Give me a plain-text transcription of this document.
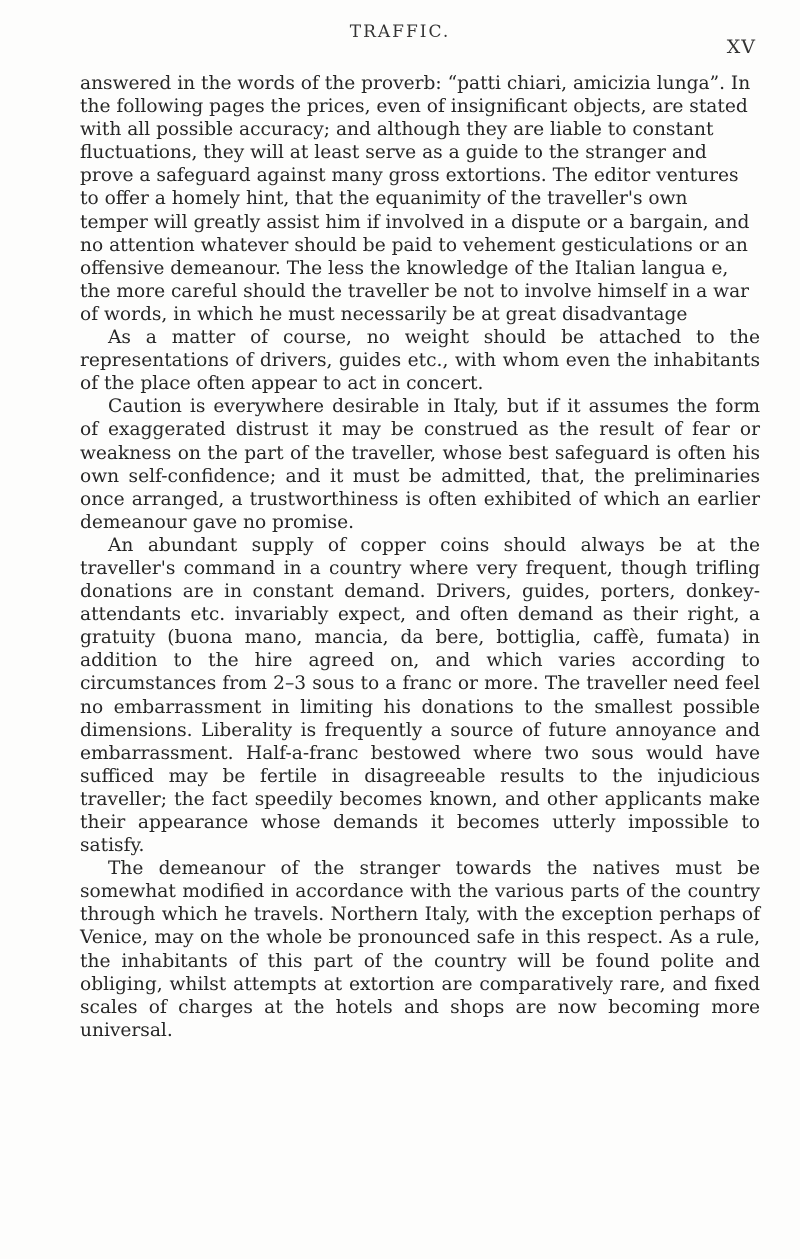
TRAFFIC.
XV

answered in the words of the proverb: “patti chiari, amicizia lunga”. In the following pages the prices, even of insignificant objects, are stated with all possible accuracy; and although they are liable to constant fluctuations, they will at least serve as a guide to the stranger and prove a safeguard against many gross extortions. The editor ventures to offer a homely hint, that the equanimity of the traveller's own temper will greatly assist him if involved in a dispute or a bargain, and no attention whatever should be paid to vehement gesticulations or an offensive demeanour. The less the knowledge of the Italian langua e, the more careful should the traveller be not to involve himself in a war of words, in which he must necessarily be at great disadvantage

As a matter of course, no weight should be attached to the representations of drivers, guides etc., with whom even the inhabitants of the place often appear to act in concert.

Caution is everywhere desirable in Italy, but if it assumes the form of exaggerated distrust it may be construed as the result of fear or weakness on the part of the traveller, whose best safeguard is often his own self-confidence; and it must be admitted, that, the preliminaries once arranged, a trustworthiness is often exhibited of which an earlier demeanour gave no promise.

An abundant supply of copper coins should always be at the traveller's command in a country where very frequent, though trifling donations are in constant demand. Drivers, guides, porters, donkey-attendants etc. invariably expect, and often demand as their right, a gratuity (buona mano, mancia, da bere, bottiglia, caffè, fumata) in addition to the hire agreed on, and which varies according to circumstances from 2–3 sous to a franc or more. The traveller need feel no embarrassment in limiting his donations to the smallest possible dimensions. Liberality is frequently a source of future annoyance and embarrassment. Half-a-franc bestowed where two sous would have sufficed may be fertile in disagreeable results to the injudicious traveller; the fact speedily becomes known, and other applicants make their appearance whose demands it becomes utterly impossible to satisfy.

The demeanour of the stranger towards the natives must be somewhat modified in accordance with the various parts of the country through which he travels. Northern Italy, with the exception perhaps of Venice, may on the whole be pronounced safe in this respect. As a rule, the inhabitants of this part of the country will be found polite and obliging, whilst attempts at extortion are comparatively rare, and fixed scales of charges at the hotels and shops are now becoming more universal.
